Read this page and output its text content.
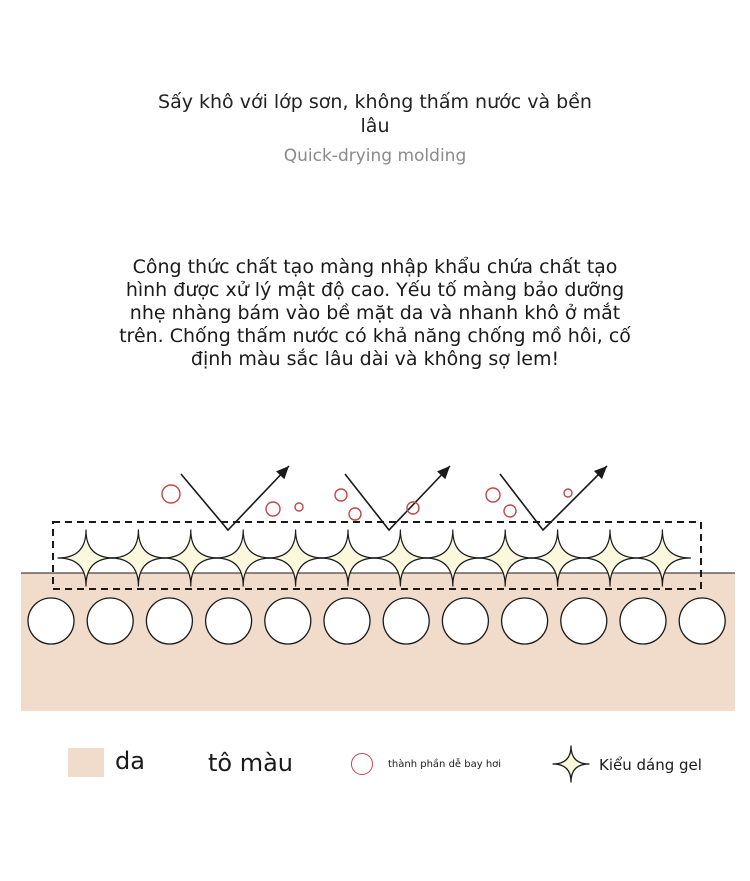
Sấy khô với lớp sơn, không thấm nước và bền lâu
Quick-drying molding

Công thức chất tạo màng nhập khẩu chứa chất tạo

hình được xử lý mật độ cao. Yếu tố màng bảo dưỡng

nhẹ nhàng bám vào bề mặt da và nhanh khô ở mắt

trên. Chống thấm nước có khả năng chống mồ hôi, cố

định màu sắc lâu dài và không sợ lem!

da	tô màu	thành phần dễ bay hơi	Kiểu dáng gel
